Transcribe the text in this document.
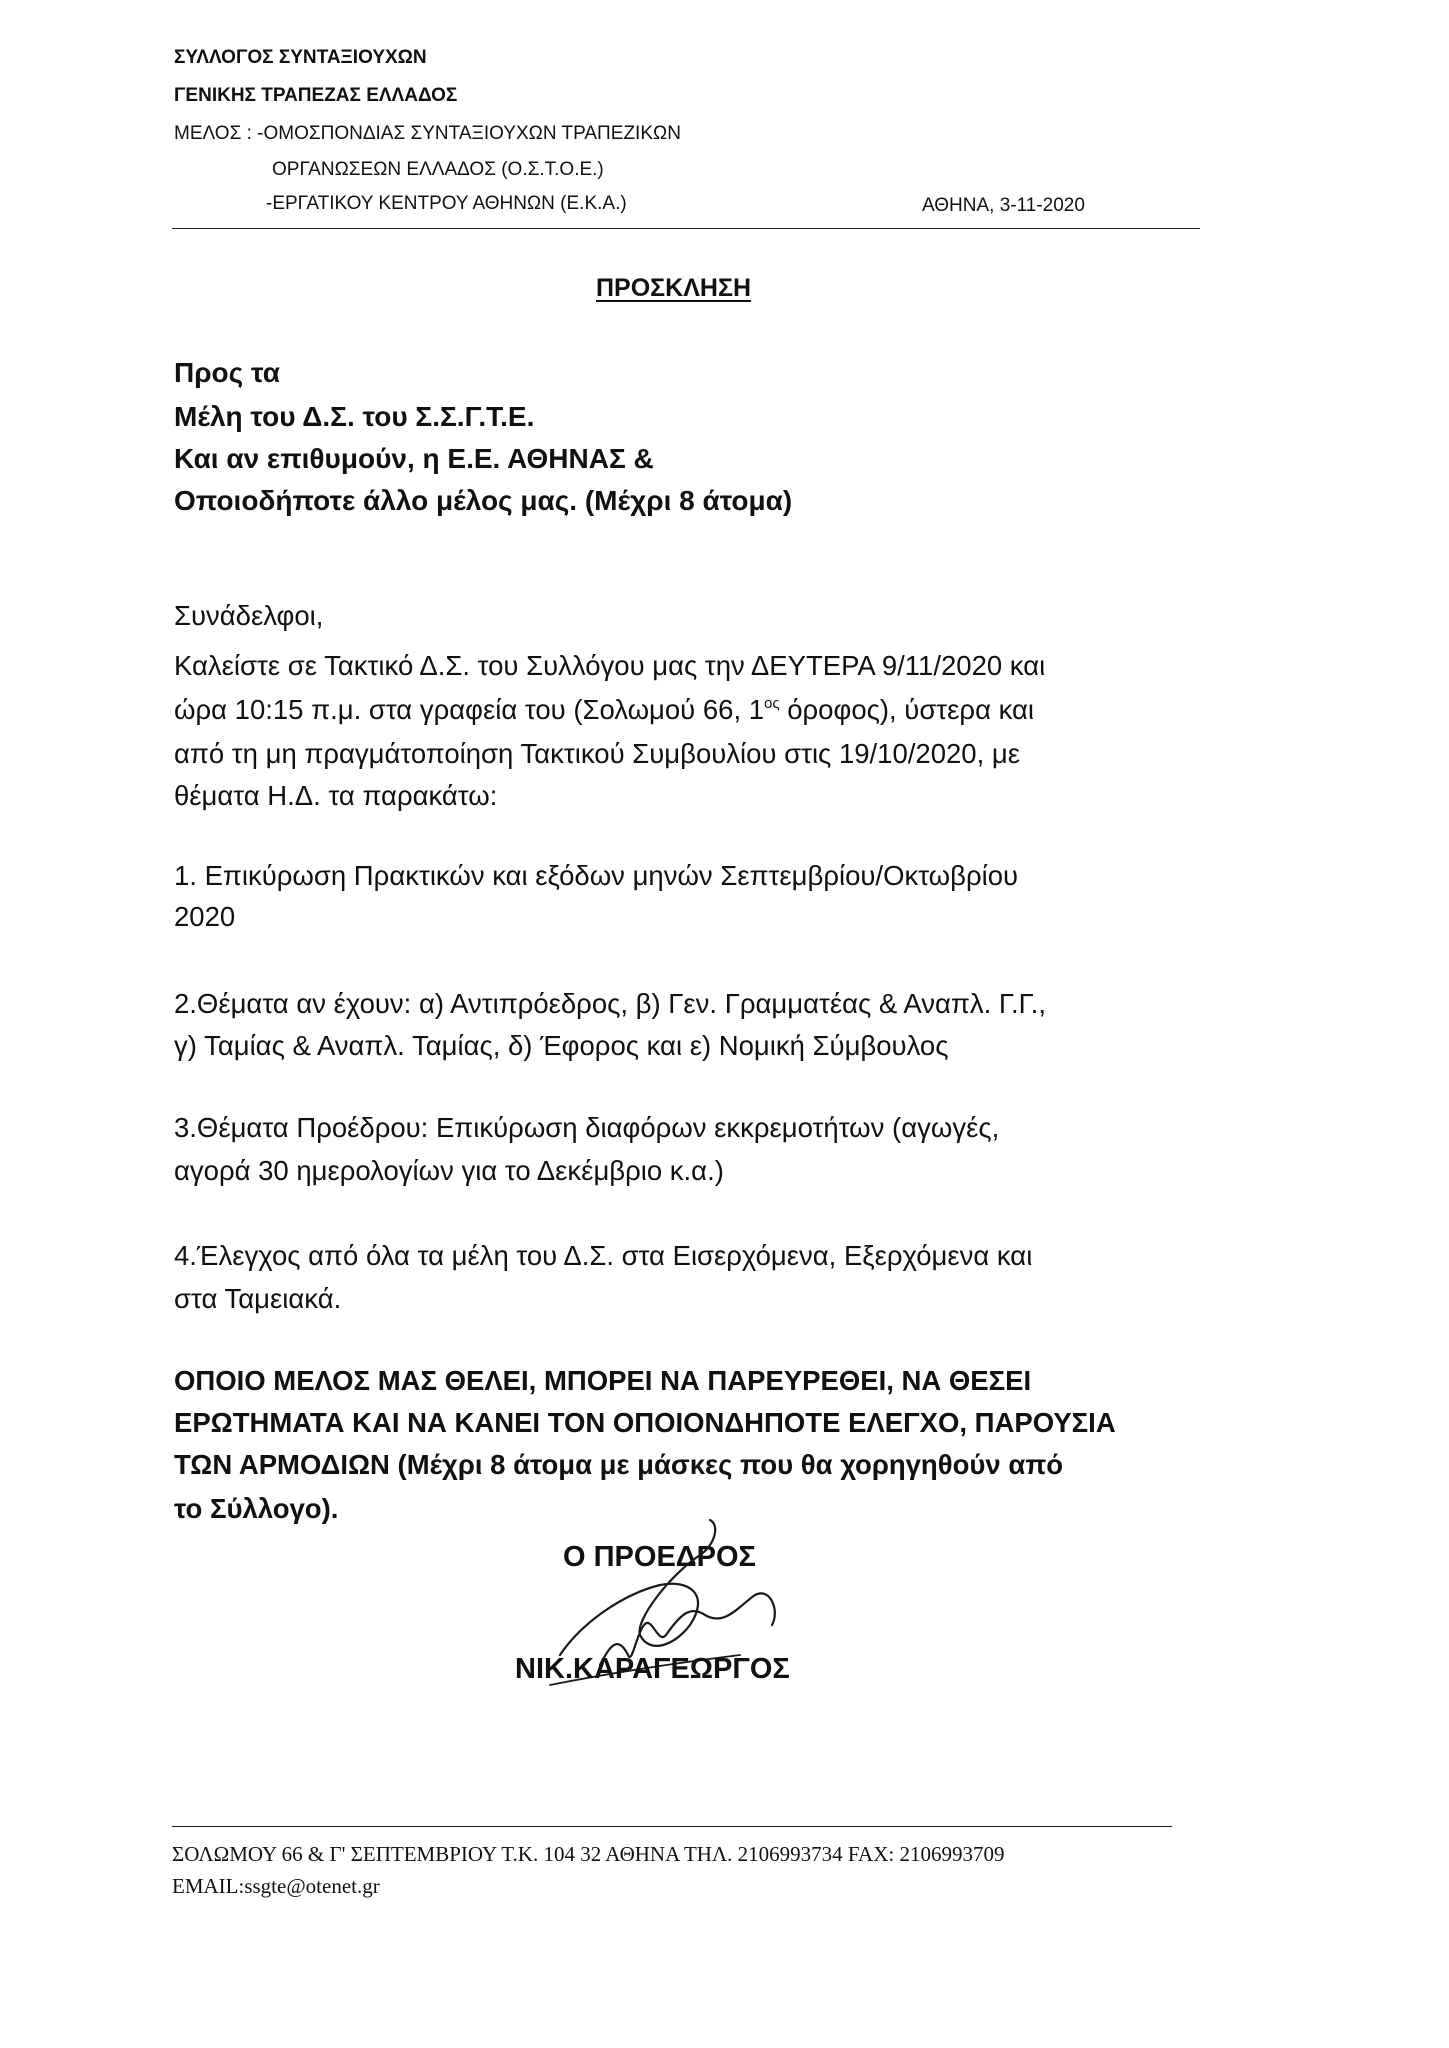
ΣΥΛΛΟΓΟΣ ΣΥΝΤΑΞΙΟΥΧΩΝ
ΓΕΝΙΚΗΣ ΤΡΑΠΕΖΑΣ ΕΛΛΑΔΟΣ
ΜΕΛΟΣ : -ΟΜΟΣΠΟΝΔΙΑΣ ΣΥΝΤΑΞΙΟΥΧΩΝ ΤΡΑΠΕΖΙΚΩΝ
ΟΡΓΑΝΩΣΕΩΝ ΕΛΛΑΔΟΣ (Ο.Σ.Τ.Ο.Ε.)
-ΕΡΓΑΤΙΚΟΥ ΚΕΝΤΡΟΥ ΑΘΗΝΩΝ (Ε.Κ.Α.)	ΑΘΗΝΑ, 3-11-2020
ΠΡΟΣΚΛΗΣΗ
Προς τα
Μέλη του Δ.Σ. του Σ.Σ.Γ.Τ.Ε.
Και αν επιθυμούν, η Ε.Ε. ΑΘΗΝΑΣ &
Οποιοδήποτε άλλο μέλος μας. (Μέχρι 8 άτομα)
Συνάδελφοι,
Καλείστε σε Τακτικό Δ.Σ. του Συλλόγου μας την ΔΕΥΤΕΡΑ 9/11/2020 και
ώρα 10:15 π.μ. στα γραφεία του (Σολωμού 66, $1^{o\varsigma}$ όροφος), ύστερα και
από τη μη πραγμάτοποίηση Τακτικού Συμβουλίου στις 19/10/2020, με
θέματα Η.Δ. τα παρακάτω:
1. Επικύρωση Πρακτικών και εξόδων μηνών Σεπτεμβρίου/Οκτωβρίου
2020
2.Θέματα αν έχουν: α) Αντιπρόεδρος, β) Γεν. Γραμματέας & Αναπλ. Γ.Γ.,
γ) Ταμίας & Αναπλ. Ταμίας, δ) Έφορος και ε) Νομική Σύμβουλος
3.Θέματα Προέδρου: Επικύρωση διαφόρων εκκρεμοτήτων (αγωγές,
αγορά 30 ημερολογίων για το Δεκέμβριο κ.α.)
4.Έλεγχος από όλα τα μέλη του Δ.Σ. στα Εισερχόμενα, Εξερχόμενα και
στα Ταμειακά.
ΟΠΟΙΟ ΜΕΛΟΣ ΜΑΣ ΘΕΛΕΙ, ΜΠΟΡΕΙ ΝΑ ΠΑΡΕΥΡΕΘΕΙ, ΝΑ ΘΕΣΕΙ
ΕΡΩΤΗΜΑΤΑ ΚΑΙ ΝΑ ΚΑΝΕΙ ΤΟΝ ΟΠΟΙΟΝΔΗΠΟΤΕ ΕΛΕΓΧΟ, ΠΑΡΟΥΣΙΑ
ΤΩΝ ΑΡΜΟΔΙΩΝ (Μέχρι 8 άτομα με μάσκες που θα χορηγηθούν από
το Σύλλογο).
Ο ΠΡΟΕΔΡΟΣ
ΝΙΚ.ΚΑΡΑΓΕΩΡΓΟΣ
ΣΟΛΩΜΟΥ 66 & Γ' ΣΕΠΤΕΜΒΡΙΟΥ Τ.Κ. 104 32 ΑΘΗΝΑ ΤΗΛ. 2106993734 FAX: 2106993709
EMAIL:ssgte@otenet.gr
